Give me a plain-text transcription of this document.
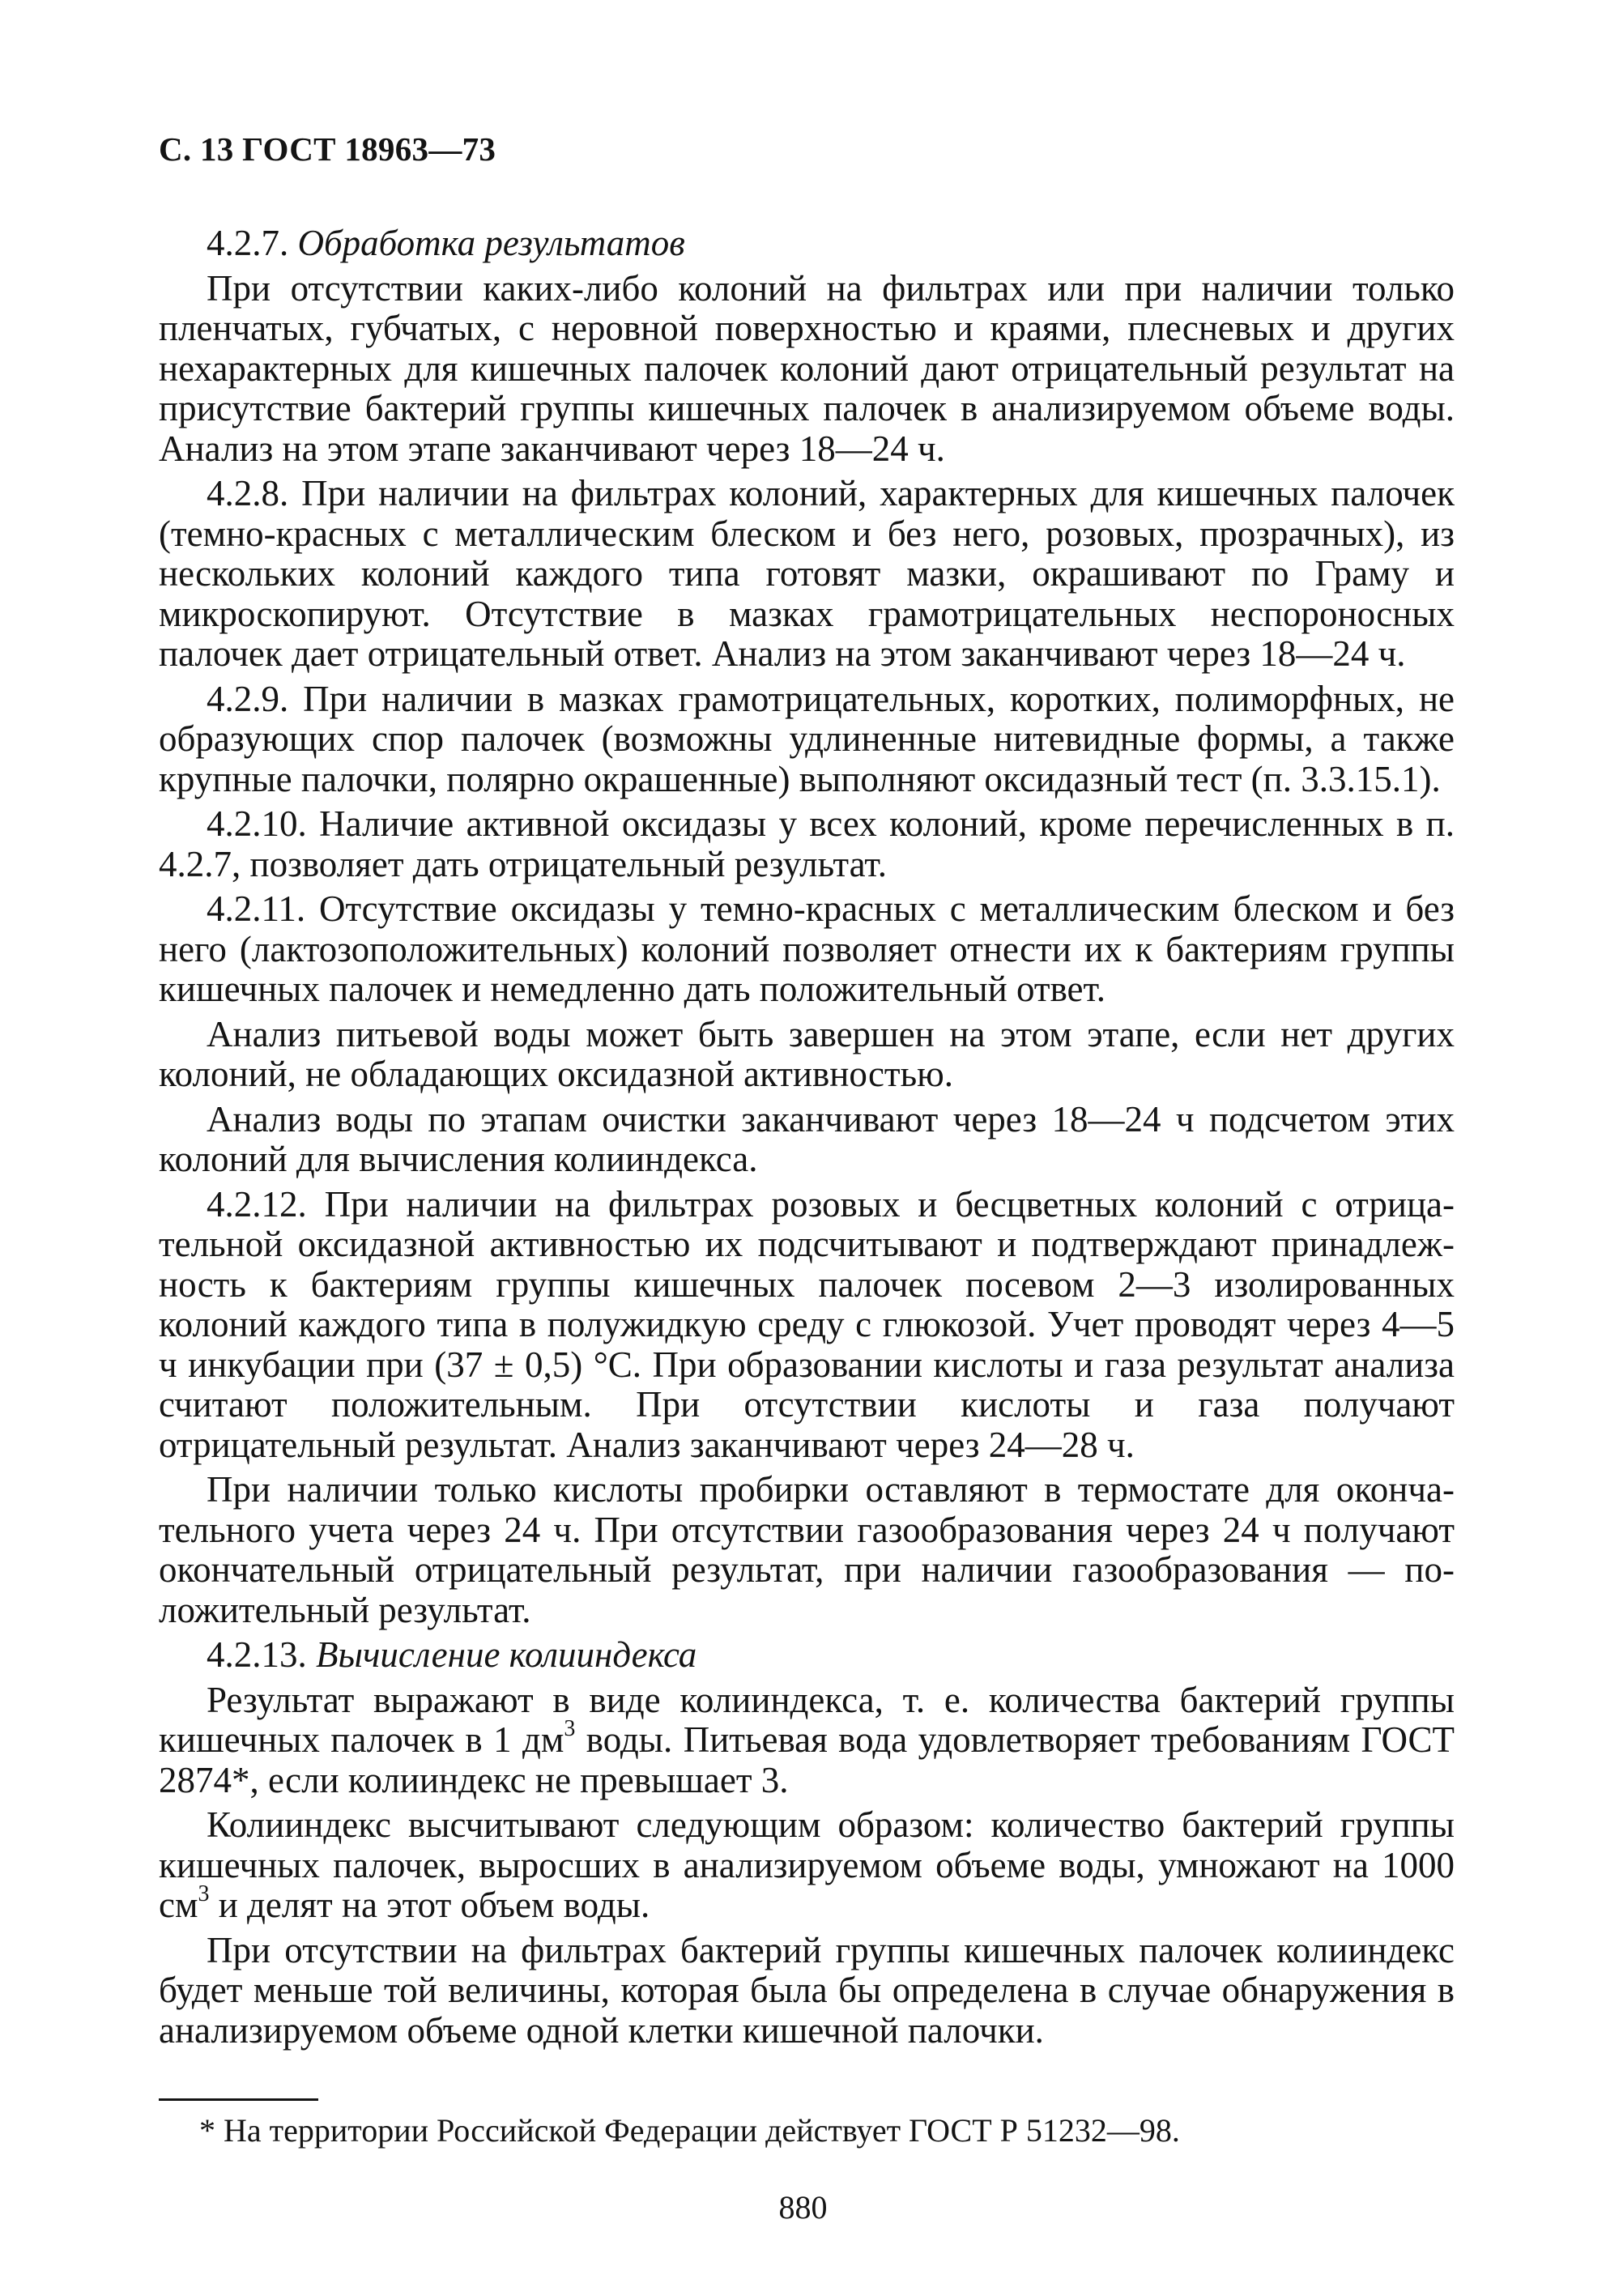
С. 13 ГОСТ 18963—73

4.2.7. Обработка результатов

При отсутствии каких-либо колоний на фильтрах или при наличии только пленчатых, губчатых, с неровной поверхностью и краями, плесневых и других нехарактерных для кишечных палочек колоний дают отрицательный результат на присутствие бактерий группы кишечных палочек в анализируемом объеме воды. Анализ на этом этапе заканчивают через 18—24 ч.

4.2.8. При наличии на фильтрах колоний, характерных для кишечных палочек (темно-красных с металлическим блеском и без него, розовых, прозрачных), из нескольких колоний каждого типа готовят мазки, окрашивают по Граму и микроскопируют. Отсутствие в мазках грамотрицательных неспороносных палочек дает отрицательный ответ. Анализ на этом заканчивают через 18—24 ч.

4.2.9. При наличии в мазках грамотрицательных, коротких, полиморфных, не образующих спор палочек (возможны удлиненные нитевидные формы, а также крупные палочки, полярно окрашенные) выполняют оксидазный тест (п. 3.3.15.1).

4.2.10. Наличие активной оксидазы у всех колоний, кроме перечисленных в п. 4.2.7, позволяет дать отрицательный результат.

4.2.11. Отсутствие оксидазы у темно-красных с металлическим блеском и без него (лактозоположительных) колоний позволяет отнести их к бактериям группы кишечных палочек и немедленно дать положительный ответ.

Анализ питьевой воды может быть завершен на этом этапе, если нет других колоний, не обладающих оксидазной активностью.

Анализ воды по этапам очистки заканчивают через 18—24 ч подсчетом этих колоний для вычисления колииндекса.

4.2.12. При наличии на фильтрах розовых и бесцветных колоний с отрицательной оксидазной активностью их подсчитывают и подтверждают принадлежность к бактериям группы кишечных палочек посевом 2—3 изолированных колоний каждого типа в полужидкую среду с глюкозой. Учет проводят через 4—5 ч инкубации при (37 ± 0,5) °С. При образовании кислоты и газа результат анализа считают положительным. При отсутствии кислоты и газа получают отрицательный результат. Анализ заканчивают через 24—28 ч.

При наличии только кислоты пробирки оставляют в термостате для окончательного учета через 24 ч. При отсутствии газообразования через 24 ч получают окончательный отрицательный результат, при наличии газообразования — положительный результат.

4.2.13. Вычисление колииндекса

Результат выражают в виде колииндекса, т. е. количества бактерий группы кишечных палочек в 1 $дм^3$ воды. Питьевая вода удовлетворяет требованиям ГОСТ 2874*, если колииндекс не превышает 3.

Колииндекс высчитывают следующим образом: количество бактерий группы кишечных палочек, выросших в анализируемом объеме воды, умножают на 1000 $см^3$ и делят на этот объем воды.

При отсутствии на фильтрах бактерий группы кишечных палочек колииндекс будет меньше той величины, которая была бы определена в случае обнаружения в анализируемом объеме одной клетки кишечной палочки.

* На территории Российской Федерации действует ГОСТ Р 51232—98.
880
